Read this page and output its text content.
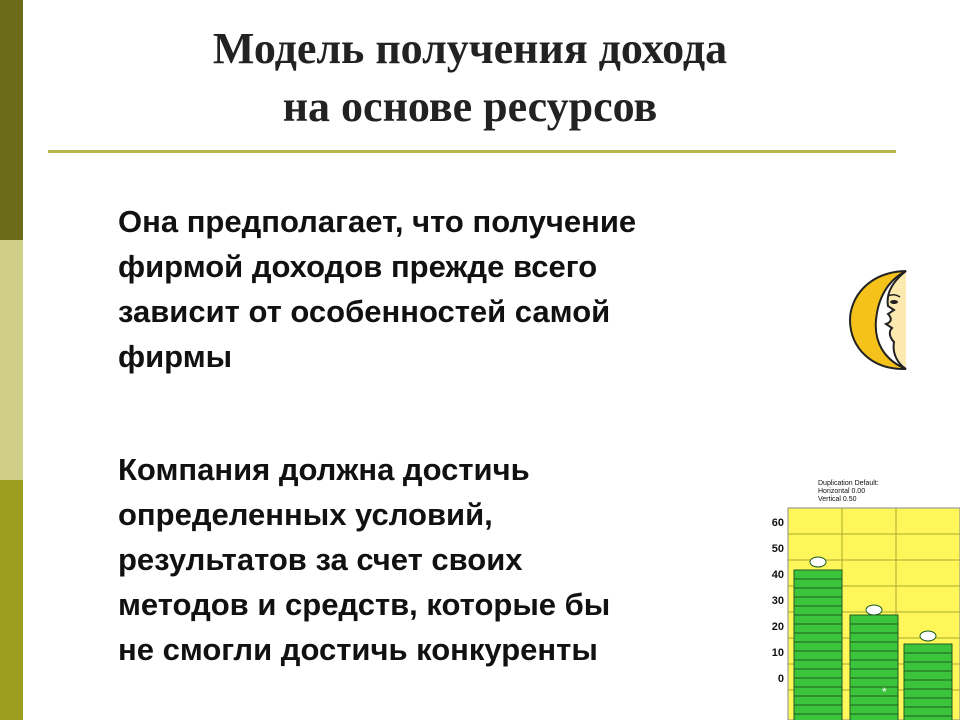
Модель получения дохода
на основе ресурсов

Она предполагает, что получение
фирмой доходов прежде всего
зависит от особенностей самой
фирмы

Компания должна достичь
определенных условий,
результатов за счет своих
методов и средств, которые бы
не смогли достичь конкуренты

Duplication Default:
Horizontal 0.00
Vertical 0.50
60
50
40
30
20
10
0
*
